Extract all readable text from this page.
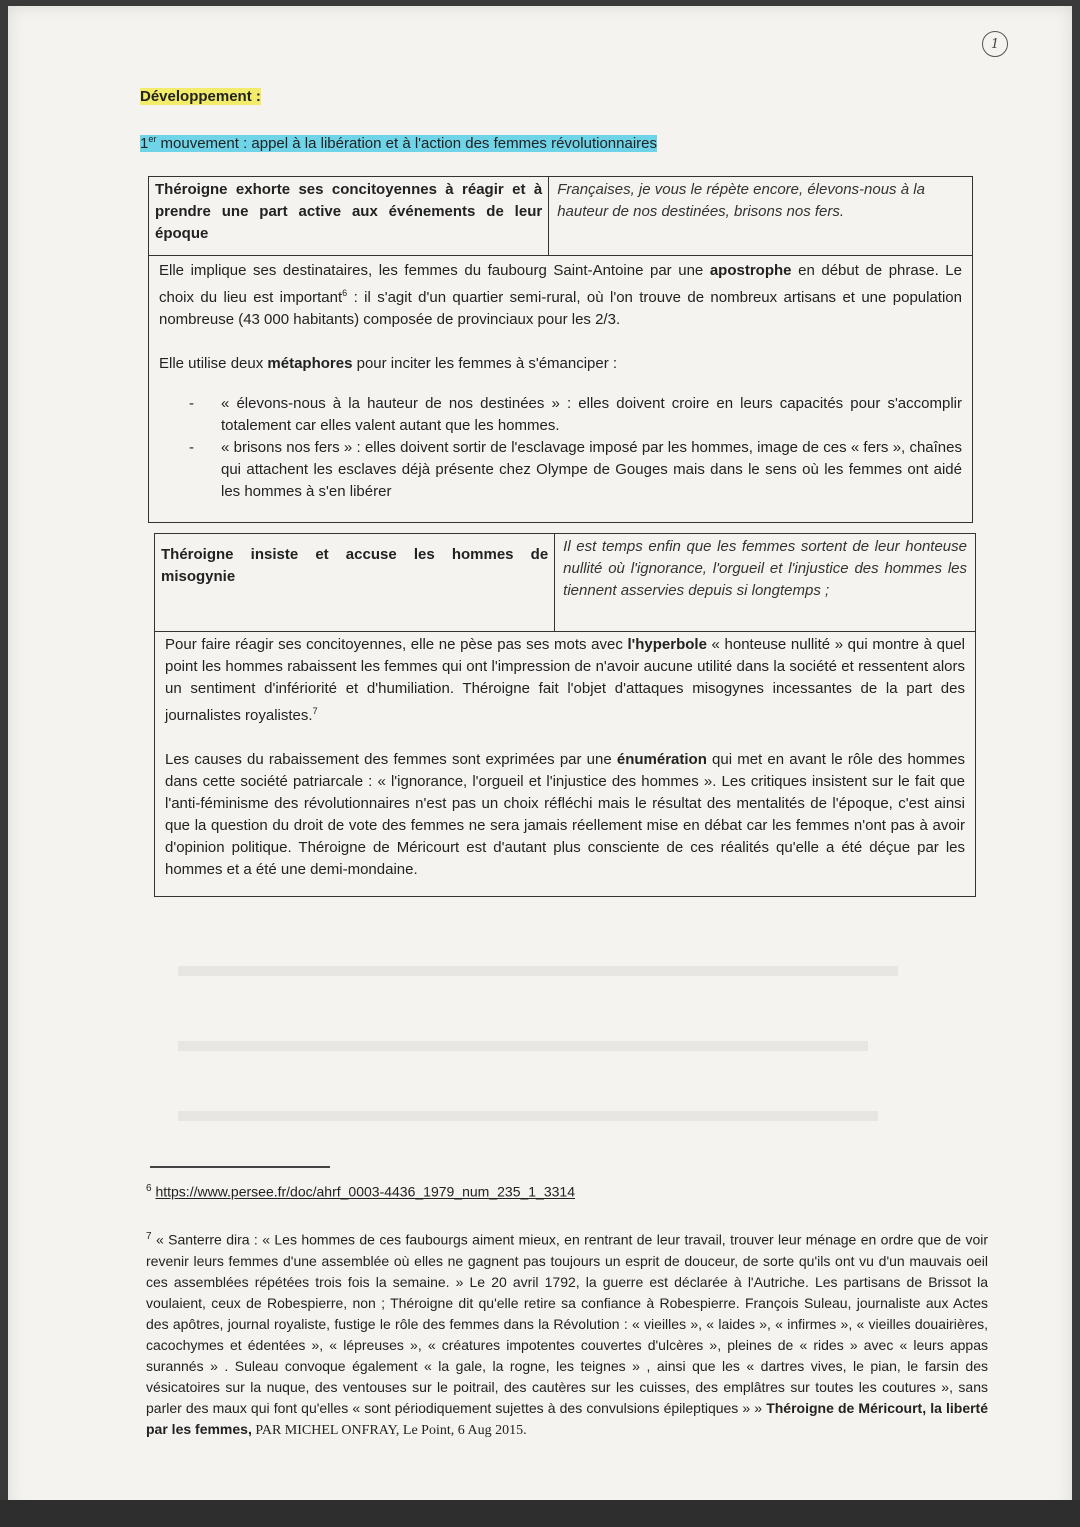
1
Développement :
1er mouvement : appel à la libération et à l'action des femmes révolutionnaires
Théroigne exhorte ses concitoyennes à réagir et à prendre une part active aux événements de leur époque
Françaises, je vous le répète encore, élevons-nous à la hauteur de nos destinées, brisons nos fers.

Elle implique ses destinataires, les femmes du faubourg Saint-Antoine par une apostrophe en début de phrase. Le choix du lieu est important$^6$ : il s'agit d'un quartier semi-rural, où l'on trouve de nombreux artisans et une population nombreuse (43 000 habitants) composée de provinciaux pour les 2/3.

Elle utilise deux métaphores pour inciter les femmes à s'émanciper :

- « élevons-nous à la hauteur de nos destinées » : elles doivent croire en leurs capacités pour s'accomplir totalement car elles valent autant que les hommes.
- « brisons nos fers » : elles doivent sortir de l'esclavage imposé par les hommes, image de ces « fers », chaînes qui attachent les esclaves déjà présente chez Olympe de Gouges mais dans le sens où les femmes ont aidé les hommes à s'en libérer
Théroigne insiste et accuse les hommes de misogynie
Il est temps enfin que les femmes sortent de leur honteuse nullité où l'ignorance, l'orgueil et l'injustice des hommes les tiennent asservies depuis si longtemps ;

Pour faire réagir ses concitoyennes, elle ne pèse pas ses mots avec l'hyperbole « honteuse nullité » qui montre à quel point les hommes rabaissent les femmes qui ont l'impression de n'avoir aucune utilité dans la société et ressentent alors un sentiment d'infériorité et d'humiliation. Théroigne fait l'objet d'attaques misogynes incessantes de la part des journalistes royalistes.$^7$

Les causes du rabaissement des femmes sont exprimées par une énumération qui met en avant le rôle des hommes dans cette société patriarcale : « l'ignorance, l'orgueil et l'injustice des hommes ». Les critiques insistent sur le fait que l'anti-féminisme des révolutionnaires n'est pas un choix réfléchi mais le résultat des mentalités de l'époque, c'est ainsi que la question du droit de vote des femmes ne sera jamais réellement mise en débat car les femmes n'ont pas à avoir d'opinion politique. Théroigne de Méricourt est d'autant plus consciente de ces réalités qu'elle a été déçue par les hommes et a été une demi-mondaine.

$^6$ https://www.persee.fr/doc/ahrf_0003-4436_1979_num_235_1_3314
$^7$ « Santerre dira : « Les hommes de ces faubourgs aiment mieux, en rentrant de leur travail, trouver leur ménage en ordre que de voir revenir leurs femmes d'une assemblée où elles ne gagnent pas toujours un esprit de douceur, de sorte qu'ils ont vu d'un mauvais oeil ces assemblées répétées trois fois la semaine. » Le 20 avril 1792, la guerre est déclarée à l'Autriche. Les partisans de Brissot la voulaient, ceux de Robespierre, non ; Théroigne dit qu'elle retire sa confiance à Robespierre. François Suleau, journaliste aux Actes des apôtres, journal royaliste, fustige le rôle des femmes dans la Révolution : « vieilles », « laides », « infirmes », « vieilles douairières, cacochymes et édentées », « lépreuses », « créatures impotentes couvertes d'ulcères », pleines de « rides » avec « leurs appas surannés » . Suleau convoque également « la gale, la rogne, les teignes » , ainsi que les « dartres vives, le pian, le farsin des vésicatoires sur la nuque, des ventouses sur le poitrail, des cautères sur les cuisses, des emplâtres sur toutes les coutures », sans parler des maux qui font qu'elles « sont périodiquement sujettes à des convulsions épileptiques » » Théroigne de Méricourt, la liberté par les femmes, PAR MICHEL ONFRAY, Le Point, 6 Aug 2015.
